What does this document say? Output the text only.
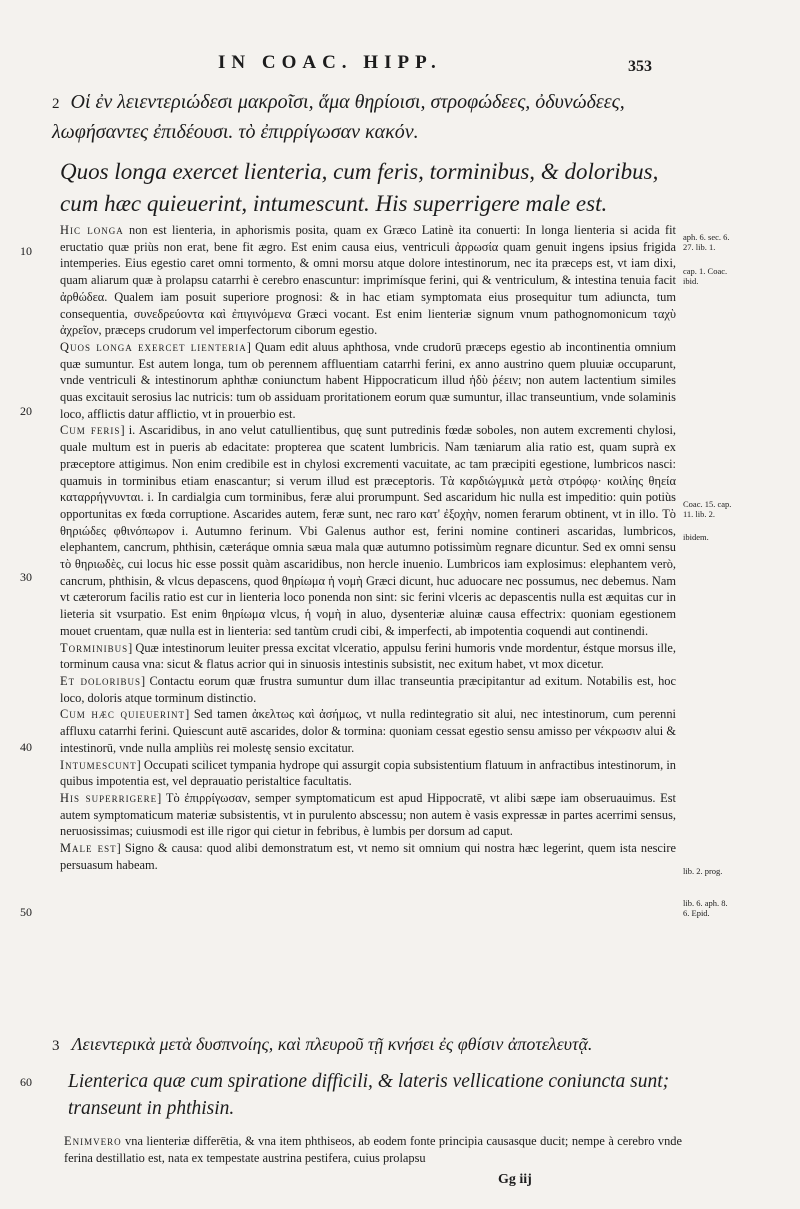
IN COAC. HIPP.	353
2 Οἱ ἐν λειεντεριώδεσι μακροῖσι, ἅμα θηρίοισι, στροφώδεες, ὀδυνώδεες, λωφήσαντες ἐπιδέουσι. τὸ ἐπιρρίγωσαν κακόν.
Quos longa exercet lienteria, cum feris, torminibus, & doloribus, cum hæc quieuerint, intumescunt. His superrigere male est.
10
20
30
40
50
60
aph. 6. sec. 6. 27. lib. 1.
cap. 1. Coac. ibid.
Coac. 15. cap. 11. lib. 2.
ibidem.
lib. 2. prog.
lib. 6. aph. 8. 6. Epid.
Hic longa non est lienteria, in aphorismis posita, quam ex Græco Latinè ita conuerti: In longa lienteria si acida fit eructatio quæ priùs non erat, bene fit ægro. Est enim causa eius, ventriculi ἀρρωσία quam genuit ingens ipsius frigida intemperies. Eius egestio caret omni tormento, & omni morsu atque dolore intestinorum, nec ita præceps est, vt iam dixi, quam aliarum quæ à prolapsu catarrhi è cerebro enascuntur: imprimísque ferini, qui & ventriculum, & intestina tenuia facit ἀρθώδεα. Qualem iam posuit superiore prognosi: & in hac etiam symptomata eius prosequitur tum adiuncta, tum consequentia, συνεδρεύοντα καὶ ἐπιγινόμενα Græci vocant. Est enim lienteriæ signum vnum pathognomonicum ταχὺ ἀχρεῖον, præceps crudorum vel imperfectorum ciborum egestio.
Quos longa exercet lienteria] Quam edit aluus aphthosa, vnde crudorū præceps egestio ab incontinentia omnium quæ sumuntur. Est autem longa, tum ob perennem affluentiam catarrhi ferini, ex anno austrino quem pluuiæ occuparunt, vnde ventriculi & intestinorum aphthæ coniunctum habent Hippocraticum illud ἡδὺ ῥέειν; non autem lactentium similes quas excitauit serosius lac nutricis: tum ob assiduam proritationem eorum quæ sumuntur, illac transeuntium, vnde solaminis loco, afflictis datur afflictio, vt in prouerbio est.
Cum feris] i. Ascaridibus, in ano velut catullientibus, quę sunt putredinis fœdæ soboles, non autem excrementi chylosi, quale multum est in pueris ab edacitate: propterea que scatent lumbricis. Nam tæniarum alia ratio est, quam suprà ex præceptore attigimus. Non enim credibile est in chylosi excrementi vacuitate, ac tam præcipiti egestione, lumbricos nasci: quamuis in torminibus etiam enascantur; si verum illud est præceptoris. Τὰ καρδιώγμικὰ μετὰ στρόφῳ· κοιλίης θηεία καταρρήγνυνται. i. In cardialgia cum torminibus, feræ alui prorumpunt. Sed ascaridum hic nulla est impeditio: quin potiùs opportunitas ex fœda corruptione. Ascarides autem, feræ sunt, nec raro κατ' ἐξοχὴν, nomen ferarum obtinent, vt in illo. Τὸ θηριώδες φθινόπωρον i. Autumno ferinum. Vbi Galenus author est, ferini nomine contineri ascaridas, lumbricos, elephantem, cancrum, phthisin, cæteráque omnia sæua mala quæ autumno potissimùm regnare dicuntur. Sed ex omni sensu τὸ θηριωδὲς, cui locus hic esse possit quàm ascaridibus, non hercle inuenio. Lumbricos iam explosimus: elephantem verò, cancrum, phthisin, & vlcus depascens, quod θηρίωμα ἡ νομὴ Græci dicunt, huc aduocare nec possumus, nec debemus. Nam vt cæterorum facilis ratio est cur in lienteria loco ponenda non sint: sic ferini vlceris ac depascentis nulla est æquitas cur in lieteria sit vsurpatio. Est enim θηρίωμα vlcus, ἡ νομὴ in aluo, dysenteriæ aluinæ causa effectrix: quoniam egestionem mouet cruentam, quæ nulla est in lienteria: sed tantùm crudi cibi, & imperfecti, ab impotentia coquendi aut continendi.
Torminibus] Quæ intestinorum leuiter pressa excitat vlceratio, appulsu ferini humoris vnde mordentur, éstque morsus ille, torminum causa vna: sicut & flatus acrior qui in sinuosis intestinis subsistit, nec exitum habet, vt mox dicetur.
Et doloribus] Contactu eorum quæ frustra sumuntur dum illac transeuntia præcipitantur ad exitum. Notabilis est, hoc loco, doloris atque torminum distinctio.
Cum hæc quieuerint] Sed tamen ἀκελτως καὶ ἀσήμως, vt nulla redintegratio sit alui, nec intestinorum, cum perenni affluxu catarrhi ferini. Quiescunt autē ascarides, dolor & tormina: quoniam cessat egestio sensu amisso per νέκρωσιν alui & intestinorū, vnde nulla ampliùs rei molestę sensio excitatur.
Intumescunt] Occupati scilicet tympania hydrope qui assurgit copia subsistentium flatuum in anfractibus intestinorum, in quibus impotentia est, vel deprauatio peristaltice facultatis.
His superrigere] Τὸ ἐπιρρίγωσαν, semper symptomaticum est apud Hippocratē, vt alibi sæpe iam obseruauimus. Est autem symptomaticum materiæ subsistentis, vt in purulento abscessu; non autem è vasis expressæ in partes acerrimi sensus, neruosissimas; cuiusmodi est ille rigor qui cietur in febribus, è lumbis per dorsum ad caput.
Male est] Signo & causa: quod alibi demonstratum est, vt nemo sit omnium qui nostra hæc legerint, quem ista nescire persuasum habeam.
3 Λειεντερικὰ μετὰ δυσπνοίης, καὶ πλευροῦ τῇ κνήσει ἐς φθίσιν ἀποτελευτᾷ.
Lienterica quæ cum spiratione difficili, & lateris vellicatione coniuncta sunt; transeunt in phthisin.
Enimvero vna lienteriæ differētia, & vna item phthiseos, ab eodem fonte principia causasque ducit; nempe à cerebro vnde ferina destillatio est, nata ex tempestate austrina pestifera, cuius prolapsu
Gg iij
